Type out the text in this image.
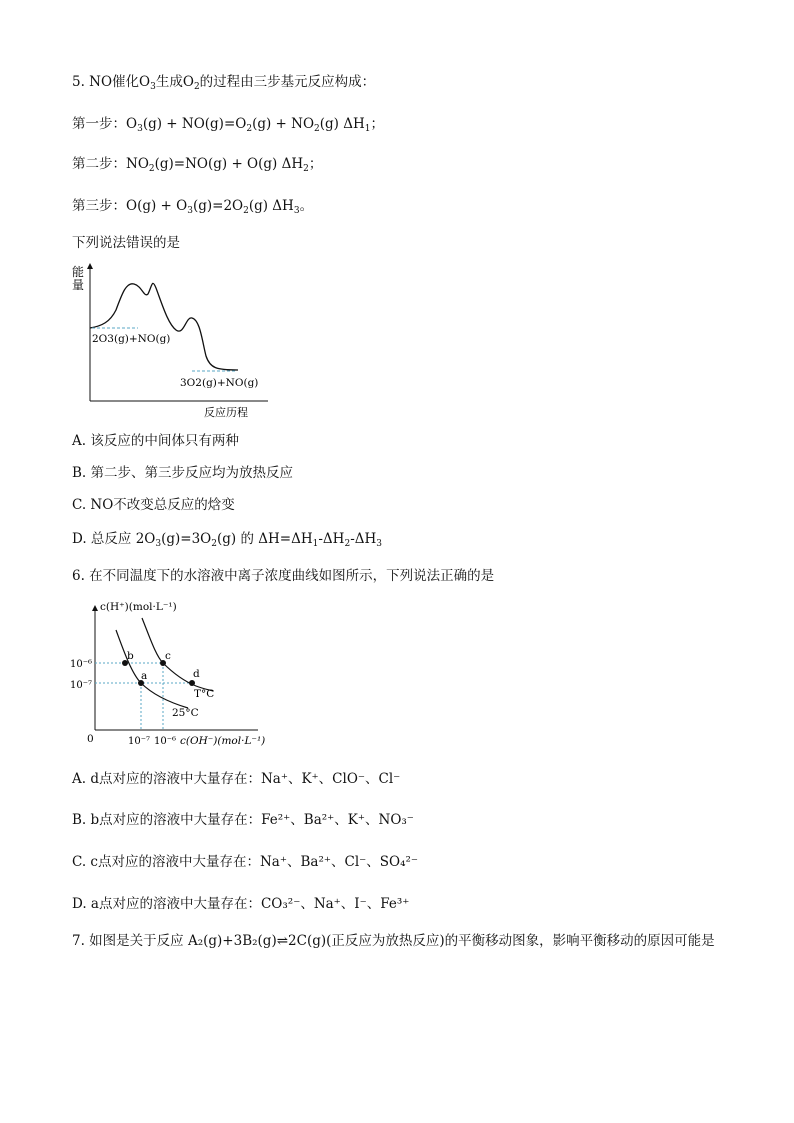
5. NO催化$O_3$生成$O_2$的过程由三步基元反应构成：
第一步：$O_3(g) + NO(g)=O_2(g) + NO_2(g)$ $\Delta H_1$；
第二步：$NO_2(g)=NO(g) + O(g)$ $\Delta H_2$；
第三步：$O(g) + O_3(g)=2O_2(g)$ $\Delta H_3$。
下列说法错误的是
能
量
2O3(g)+NO(g)
3O2(g)+NO(g)
反应历程
A. 该反应的中间体只有两种
B. 第二步、第三步反应均为放热反应
C. NO不改变总反应的焓变
D. 总反应 $2O_3(g)=3O_2(g)$ 的 $\Delta H=\Delta H_1-\Delta H_2-\Delta H_3$
6. 在不同温度下的水溶液中离子浓度曲线如图所示，下列说法正确的是
c(H⁺)(mol·L⁻¹)
c(OH⁻)(mol·L⁻¹)
0
10⁻⁶
10⁻⁷
10⁻⁷ 10⁻⁶
a
b	c
d
T°C
25°C
A. d点对应的溶液中大量存在：Na⁺、K⁺、ClO⁻、Cl⁻
B. b点对应的溶液中大量存在：Fe²⁺、Ba²⁺、K⁺、NO₃⁻
C. c点对应的溶液中大量存在：Na⁺、Ba²⁺、Cl⁻、SO₄²⁻
D. a点对应的溶液中大量存在：CO₃²⁻、Na⁺、I⁻、Fe³⁺
7. 如图是关于反应 A₂(g)+3B₂(g)⇌2C(g)(正反应为放热反应)的平衡移动图象，影响平衡移动的原因可能是
